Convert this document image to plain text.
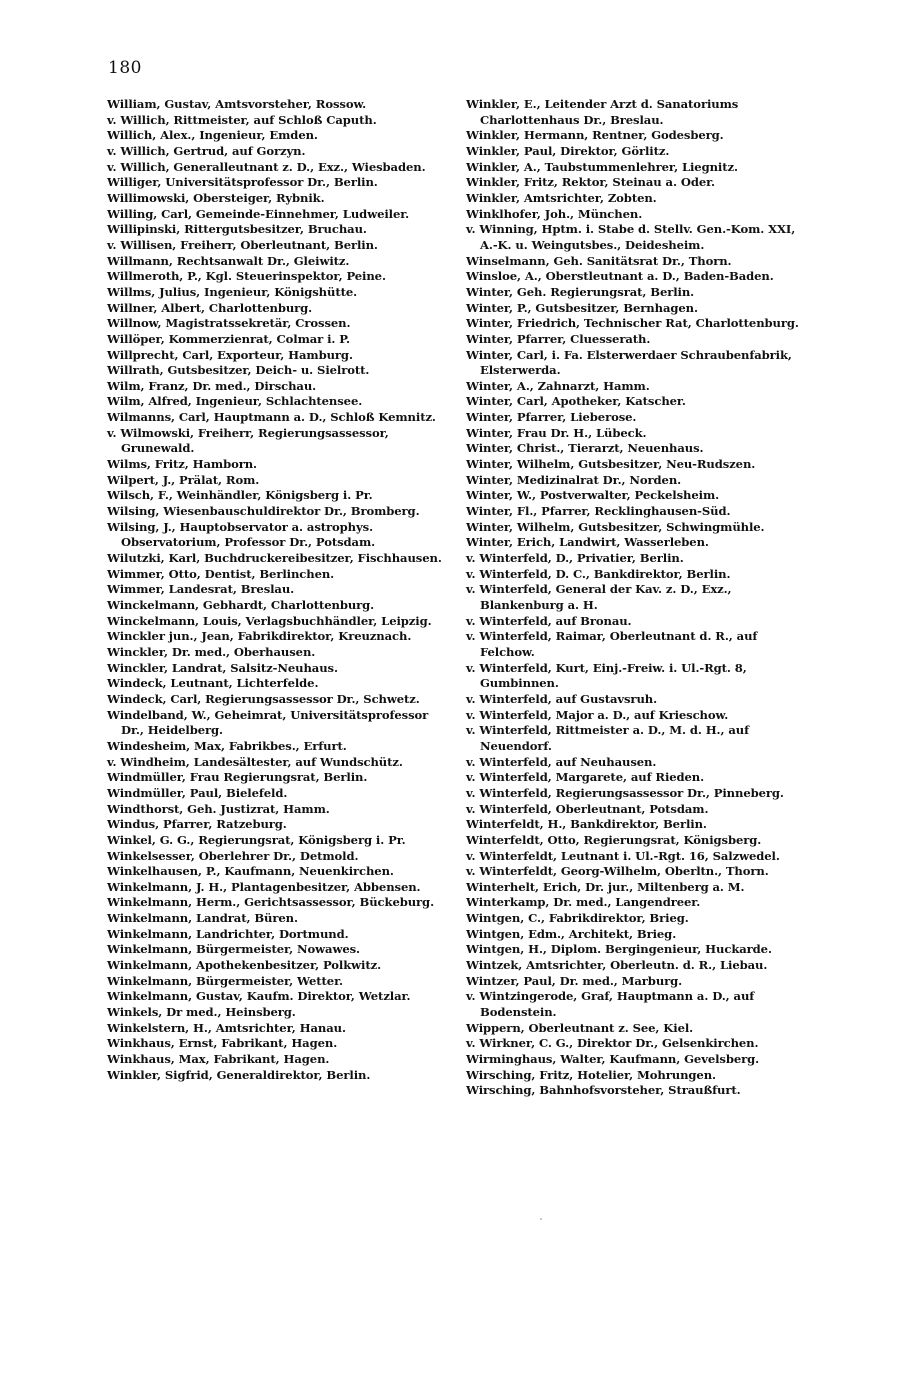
180
William, Gustav, Amtsvorsteher, Rossow.
v. Willich, Rittmeister, auf Schloß Caputh.
Willich, Alex., Ingenieur, Emden.
v. Willich, Gertrud, auf Gorzyn.
v. Willich, Generalleutnant z. D., Exz., Wiesbaden.
Williger, Universitätsprofessor Dr., Berlin.
Willimowski, Obersteiger, Rybnik.
Willing, Carl, Gemeinde-Einnehmer, Ludweiler.
Willipinski, Rittergutsbesitzer, Bruchau.
v. Willisen, Freiherr, Oberleutnant, Berlin.
Willmann, Rechtsanwalt Dr., Gleiwitz.
Willmeroth, P., Kgl. Steuerinspektor, Peine.
Willms, Julius, Ingenieur, Königshütte.
Willner, Albert, Charlottenburg.
Willnow, Magistratssekretär, Crossen.
Willöper, Kommerzienrat, Colmar i. P.
Willprecht, Carl, Exporteur, Hamburg.
Willrath, Gutsbesitzer, Deich- u. Sielrott.
Wilm, Franz, Dr. med., Dirschau.
Wilm, Alfred, Ingenieur, Schlachtensee.
Wilmanns, Carl, Hauptmann a. D., Schloß Kemnitz.
v. Wilmowski, Freiherr, Regierungsassessor, Grunewald.
Wilms, Fritz, Hamborn.
Wilpert, J., Prälat, Rom.
Wilsch, F., Weinhändler, Königsberg i. Pr.
Wilsing, Wiesenbauschuldirektor Dr., Bromberg.
Wilsing, J., Hauptobservator a. astrophys. Observatorium, Professor Dr., Potsdam.
Wilutzki, Karl, Buchdruckereibesitzer, Fischhausen.
Wimmer, Otto, Dentist, Berlinchen.
Wimmer, Landesrat, Breslau.
Winckelmann, Gebhardt, Charlottenburg.
Winckelmann, Louis, Verlagsbuchhändler, Leipzig.
Winckler jun., Jean, Fabrikdirektor, Kreuznach.
Winckler, Dr. med., Oberhausen.
Winckler, Landrat, Salsitz-Neuhaus.
Windeck, Leutnant, Lichterfelde.
Windeck, Carl, Regierungsassessor Dr., Schwetz.
Windelband, W., Geheimrat, Universitätsprofessor Dr., Heidelberg.
Windesheim, Max, Fabrikbes., Erfurt.
v. Windheim, Landesältester, auf Wundschütz.
Windmüller, Frau Regierungsrat, Berlin.
Windmüller, Paul, Bielefeld.
Windthorst, Geh. Justizrat, Hamm.
Windus, Pfarrer, Ratzeburg.
Winkel, G. G., Regierungsrat, Königsberg i. Pr.
Winkelsesser, Oberlehrer Dr., Detmold.
Winkelhausen, P., Kaufmann, Neuenkirchen.
Winkelmann, J. H., Plantagenbesitzer, Abbensen.
Winkelmann, Herm., Gerichtsassessor, Bückeburg.
Winkelmann, Landrat, Büren.
Winkelmann, Landrichter, Dortmund.
Winkelmann, Bürgermeister, Nowawes.
Winkelmann, Apothekenbesitzer, Polkwitz.
Winkelmann, Bürgermeister, Wetter.
Winkelmann, Gustav, Kaufm. Direktor, Wetzlar.
Winkels, Dr med., Heinsberg.
Winkelstern, H., Amtsrichter, Hanau.
Winkhaus, Ernst, Fabrikant, Hagen.
Winkhaus, Max, Fabrikant, Hagen.
Winkler, Sigfrid, Generaldirektor, Berlin.
Winkler, E., Leitender Arzt d. Sanatoriums Charlottenhaus Dr., Breslau.
Winkler, Hermann, Rentner, Godesberg.
Winkler, Paul, Direktor, Görlitz.
Winkler, A., Taubstummenlehrer, Liegnitz.
Winkler, Fritz, Rektor, Steinau a. Oder.
Winkler, Amtsrichter, Zobten.
Winklhofer, Joh., München.
v. Winning, Hptm. i. Stabe d. Stellv. Gen.-Kom. XXI, A.-K. u. Weingutsbes., Deidesheim.
Winselmann, Geh. Sanitätsrat Dr., Thorn.
Winsloe, A., Oberstleutnant a. D., Baden-Baden.
Winter, Geh. Regierungsrat, Berlin.
Winter, P., Gutsbesitzer, Bernhagen.
Winter, Friedrich, Technischer Rat, Charlottenburg.
Winter, Pfarrer, Cluesserath.
Winter, Carl, i. Fa. Elsterwerdaer Schraubenfabrik, Elsterwerda.
Winter, A., Zahnarzt, Hamm.
Winter, Carl, Apotheker, Katscher.
Winter, Pfarrer, Lieberose.
Winter, Frau Dr. H., Lübeck.
Winter, Christ., Tierarzt, Neuenhaus.
Winter, Wilhelm, Gutsbesitzer, Neu-Rudszen.
Winter, Medizinalrat Dr., Norden.
Winter, W., Postverwalter, Peckelsheim.
Winter, Fl., Pfarrer, Recklinghausen-Süd.
Winter, Wilhelm, Gutsbesitzer, Schwingmühle.
Winter, Erich, Landwirt, Wasserleben.
v. Winterfeld, D., Privatier, Berlin.
v. Winterfeld, D. C., Bankdirektor, Berlin.
v. Winterfeld, General der Kav. z. D., Exz., Blankenburg a. H.
v. Winterfeld, auf Bronau.
v. Winterfeld, Raimar, Oberleutnant d. R., auf Felchow.
v. Winterfeld, Kurt, Einj.-Freiw. i. Ul.-Rgt. 8, Gumbinnen.
v. Winterfeld, auf Gustavsruh.
v. Winterfeld, Major a. D., auf Krieschow.
v. Winterfeld, Rittmeister a. D., M. d. H., auf Neuendorf.
v. Winterfeld, auf Neuhausen.
v. Winterfeld, Margarete, auf Rieden.
v. Winterfeld, Regierungsassessor Dr., Pinneberg.
v. Winterfeld, Oberleutnant, Potsdam.
Winterfeldt, H., Bankdirektor, Berlin.
Winterfeldt, Otto, Regierungsrat, Königsberg.
v. Winterfeldt, Leutnant i. Ul.-Rgt. 16, Salzwedel.
v. Winterfeldt, Georg-Wilhelm, Oberltn., Thorn.
Winterhelt, Erich, Dr. jur., Miltenberg a. M.
Winterkamp, Dr. med., Langendreer.
Wintgen, C., Fabrikdirektor, Brieg.
Wintgen, Edm., Architekt, Brieg.
Wintgen, H., Diplom. Bergingenieur, Huckarde.
Wintzek, Amtsrichter, Oberleutn. d. R., Liebau.
Wintzer, Paul, Dr. med., Marburg.
v. Wintzingerode, Graf, Hauptmann a. D., auf Bodenstein.
Wippern, Oberleutnant z. See, Kiel.
v. Wirkner, C. G., Direktor Dr., Gelsenkirchen.
Wirminghaus, Walter, Kaufmann, Gevelsberg.
Wirsching, Fritz, Hotelier, Mohrungen.
Wirsching, Bahnhofsvorsteher, Straußfurt.
